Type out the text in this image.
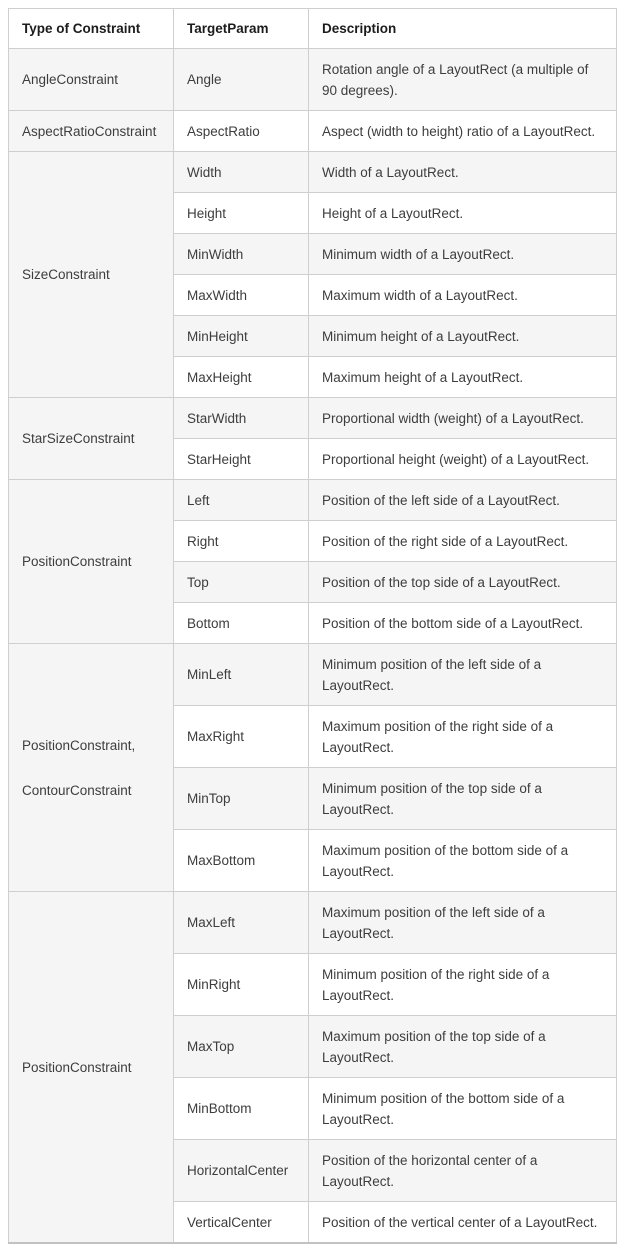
Type of Constraint	TargetParam	Description

AngleConstraint	Angle	Rotation angle of a LayoutRect (a multiple of 90 degrees).

AspectRatioConstraint	AspectRatio	Aspect (width to height) ratio of a LayoutRect.

SizeConstraint	Width	Width of a LayoutRect.
	Height	Height of a LayoutRect.
	MinWidth	Minimum width of a LayoutRect.
	MaxWidth	Maximum width of a LayoutRect.
	MinHeight	Minimum height of a LayoutRect.
	MaxHeight	Maximum height of a LayoutRect.

StarSizeConstraint	StarWidth	Proportional width (weight) of a LayoutRect.
	StarHeight	Proportional height (weight) of a LayoutRect.

PositionConstraint	Left	Position of the left side of a LayoutRect.
	Right	Position of the right side of a LayoutRect.
	Top	Position of the top side of a LayoutRect.
	Bottom	Position of the bottom side of a LayoutRect.

PositionConstraint,
ContourConstraint	MinLeft	Minimum position of the left side of a LayoutRect.
	MaxRight	Maximum position of the right side of a LayoutRect.
	MinTop	Minimum position of the top side of a LayoutRect.
	MaxBottom	Maximum position of the bottom side of a LayoutRect.

PositionConstraint	MaxLeft	Maximum position of the left side of a LayoutRect.
	MinRight	Minimum position of the right side of a LayoutRect.
	MaxTop	Maximum position of the top side of a LayoutRect.
	MinBottom	Minimum position of the bottom side of a LayoutRect.
	HorizontalCenter	Position of the horizontal center of a LayoutRect.
	VerticalCenter	Position of the vertical center of a LayoutRect.
